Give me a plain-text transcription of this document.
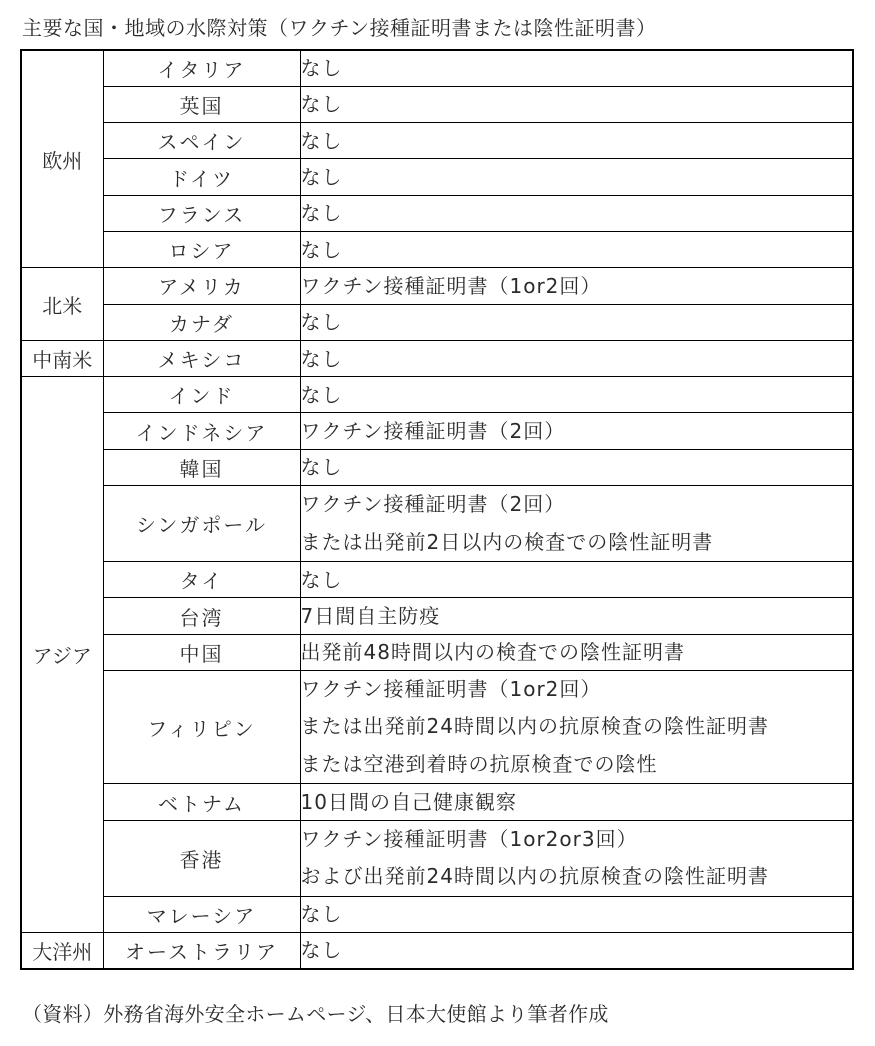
主要な国・地域の水際対策（ワクチン接種証明書または陰性証明書）
欧州	イタリア	なし

	英国	なし

	スペイン	なし

	ドイツ	なし

	フランス	なし

	ロシア	なし

北米	アメリカ	ワクチン接種証明書（1or2回）

	カナダ	なし

中南米	メキシコ	なし

アジア	インド	なし

	インドネシア	ワクチン接種証明書（2回）

	韓国	なし

	シンガポール	ワクチン接種証明書（2回）
または出発前2日以内の検査での陰性証明書

	タイ	なし

	台湾	7日間自主防疫

	中国	出発前48時間以内の検査での陰性証明書

	フィリピン	ワクチン接種証明書（1or2回）
または出発前24時間以内の抗原検査の陰性証明書
または空港到着時の抗原検査での陰性

	ベトナム	10日間の自己健康観察

	香港	ワクチン接種証明書（1or2or3回）
および出発前24時間以内の抗原検査の陰性証明書

	マレーシア	なし

大洋州	オーストラリア	なし
（資料）外務省海外安全ホームページ、日本大使館より筆者作成
